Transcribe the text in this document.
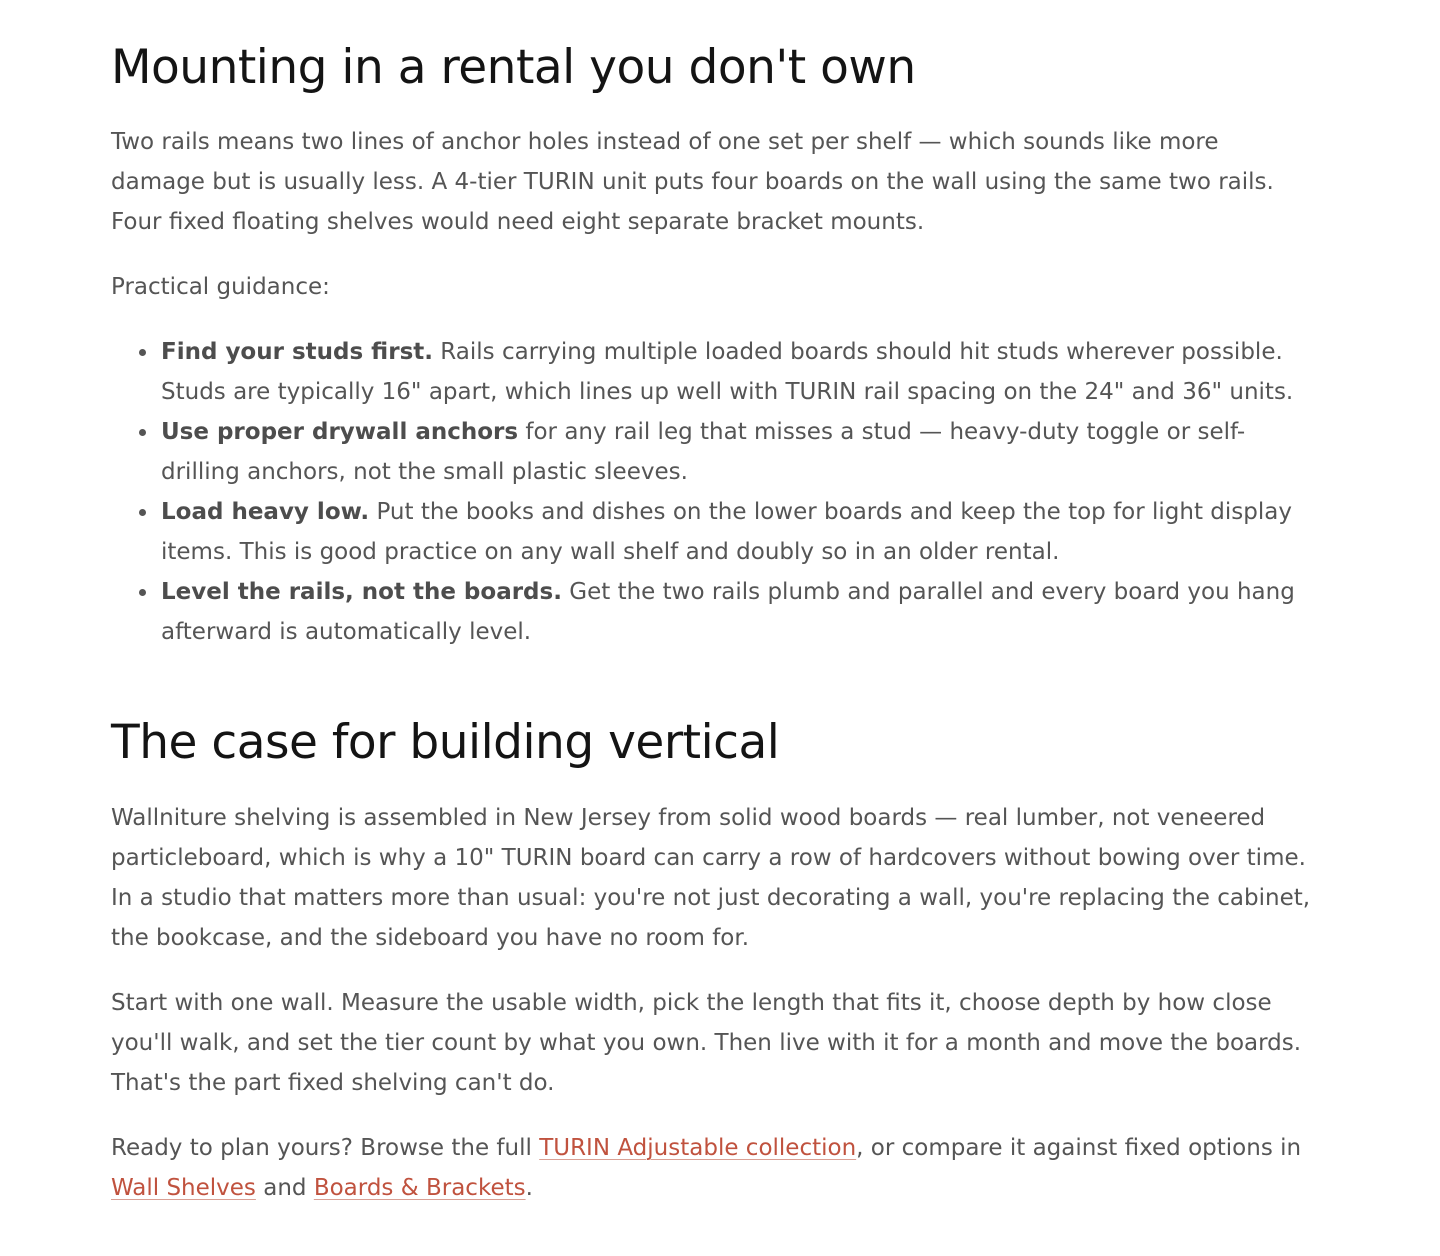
Mounting in a rental you don't own

Two rails means two lines of anchor holes instead of one set per shelf — which sounds like more damage but is usually less. A 4-tier TURIN unit puts four boards on the wall using the same two rails. Four fixed floating shelves would need eight separate bracket mounts.

Practical guidance:

Find your studs first. Rails carrying multiple loaded boards should hit studs wherever possible. Studs are typically 16" apart, which lines up well with TURIN rail spacing on the 24" and 36" units.
Use proper drywall anchors for any rail leg that misses a stud — heavy-duty toggle or self-drilling anchors, not the small plastic sleeves.
Load heavy low. Put the books and dishes on the lower boards and keep the top for light display items. This is good practice on any wall shelf and doubly so in an older rental.
Level the rails, not the boards. Get the two rails plumb and parallel and every board you hang afterward is automatically level.
The case for building vertical

Wallniture shelving is assembled in New Jersey from solid wood boards — real lumber, not veneered particleboard, which is why a 10" TURIN board can carry a row of hardcovers without bowing over time. In a studio that matters more than usual: you're not just decorating a wall, you're replacing the cabinet, the bookcase, and the sideboard you have no room for.

Start with one wall. Measure the usable width, pick the length that fits it, choose depth by how close you'll walk, and set the tier count by what you own. Then live with it for a month and move the boards. That's the part fixed shelving can't do.

Ready to plan yours? Browse the full TURIN Adjustable collection, or compare it against fixed options in Wall Shelves and Boards & Brackets.
